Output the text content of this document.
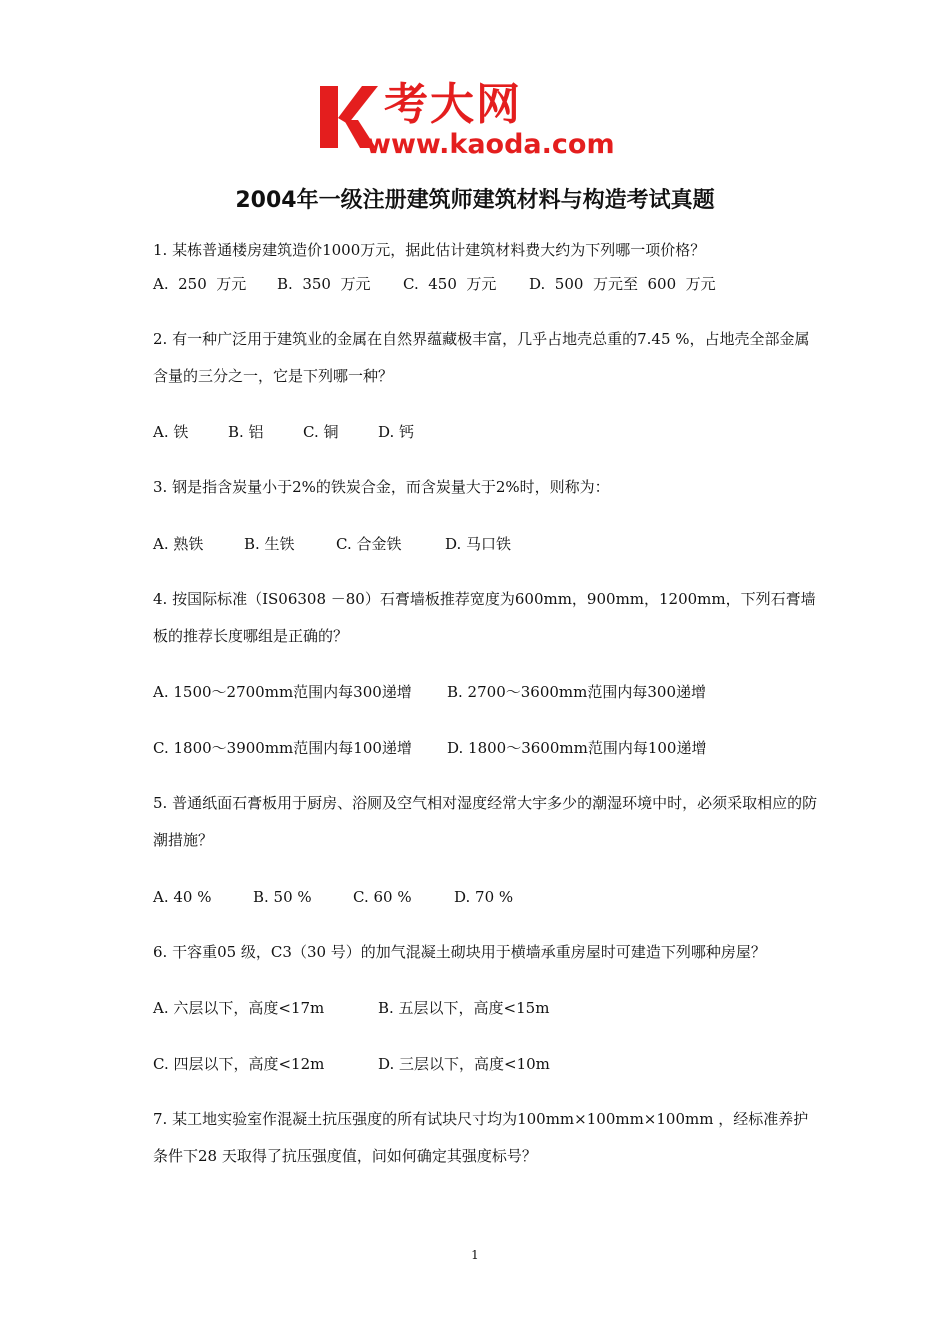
考大网
www.kaoda.com
2004年一级注册建筑师建筑材料与构造考试真题
1. 某栋普通楼房建筑造价1000万元，据此估计建筑材料费大约为下列哪一项价格？
A.  250  万元 B.  350  万元 C.  450  万元 D.  500  万元至  600  万元
2. 有一种广泛用于建筑业的金属在自然界蕴藏极丰富，几乎占地壳总重的7.45 %，占地壳全部金属含量的三分之一，它是下列哪一种？
A. 铁	B. 铝	C. 铜	D. 钙
3. 钢是指含炭量小于2%的铁炭合金，而含炭量大于2%时，则称为：
A. 熟铁	B. 生铁	C. 合金铁	D. 马口铁
4. 按国际标准（IS06308 －80）石膏墙板推荐宽度为600mm，900mm，1200mm，下列石膏墙板的推荐长度哪组是正确的？
A. 1500～2700mm范围内每300递增 B. 2700～3600mm范围内每300递增
C. 1800～3900mm范围内每100递增 D. 1800～3600mm范围内每100递增
5. 普通纸面石膏板用于厨房、浴厕及空气相对湿度经常大宇多少的潮湿环境中时，必须采取相应的防潮措施？
A. 40 %	B. 50 %	C. 60 %	D. 70 %
6. 干容重05 级，C3（30 号）的加气混凝土砌块用于横墙承重房屋时可建造下列哪种房屋？
A. 六层以下，高度<17m	B. 五层以下，高度<15m
C. 四层以下，高度<12m	D. 三层以下，高度<10m
7. 某工地实验室作混凝土抗压强度的所有试块尺寸均为100mm×100mm×100mm ，经标准养护条件下28 天取得了抗压强度值，问如何确定其强度标号？
1
